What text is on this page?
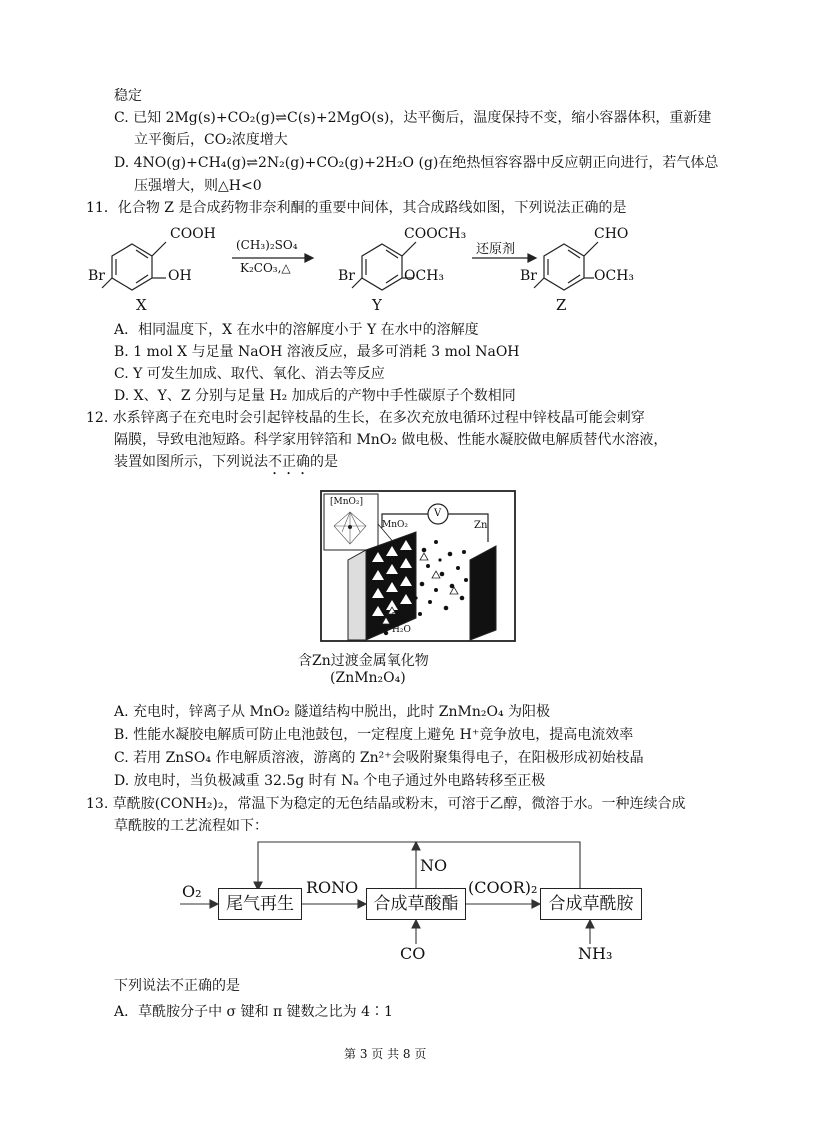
稳定
C. 已知 2Mg(s)+CO₂(g)⇌C(s)+2MgO(s)，达平衡后，温度保持不变，缩小容器体积，重新建
立平衡后，CO₂浓度增大
D. 4NO(g)+CH₄(g)⇌2N₂(g)+CO₂(g)+2H₂O (g)在绝热恒容容器中反应朝正向进行，若气体总
压强增大，则△H<0
11．化合物 Z 是合成药物非奈利酮的重要中间体，其合成路线如图，下列说法正确的是
COOH
OH
Br
X
(CH₃)₂SO₄
K₂CO₃,△
COOCH₃
OCH₃
Br
Y
还原剂
CHO
OCH₃
Br
Z
A．相同温度下，X 在水中的溶解度小于 Y 在水中的溶解度
B. 1 mol X 与足量 NaOH 溶液反应，最多可消耗 3 mol NaOH
C. Y 可发生加成、取代、氧化、消去等反应
D. X、Y、Z 分别与足量 H₂ 加成后的产物中手性碳原子个数相同
12. 水系锌离子在充电时会引起锌枝晶的生长，在多次充放电循环过程中锌枝晶可能会刺穿
隔膜，导致电池短路。科学家用锌箔和 MnO₂ 做电极、性能水凝胶做电解质替代水溶液，
装置如图所示，下列说法不正确的是
[MnO₂]
MnO₂	Zn
V
Zn²⁺
H₂O
含Zn过渡金属氧化物
(ZnMn₂O₄)
A. 充电时，锌离子从 MnO₂ 隧道结构中脱出，此时 ZnMn₂O₄ 为阳极
B. 性能水凝胶电解质可防止电池鼓包，一定程度上避免 H⁺竞争放电，提高电流效率
C. 若用 ZnSO₄ 作电解质溶液，游离的 Zn²⁺会吸附聚集得电子，在阳极形成初始枝晶
D. 放电时，当负极减重 32.5g 时有 Nₐ 个电子通过外电路转移至正极
13. 草酰胺(CONH₂)₂，常温下为稳定的无色结晶或粉末，可溶于乙醇，微溶于水。一种连续合成
草酰胺的工艺流程如下：
尾气再生	合成草酸酯	合成草酰胺
O₂	RONO	(COOR)₂
NO
CO	NH₃
下列说法不正确的是
A．草酰胺分子中 σ 键和 π 键数之比为 4∶1
第 3 页 共 8 页
